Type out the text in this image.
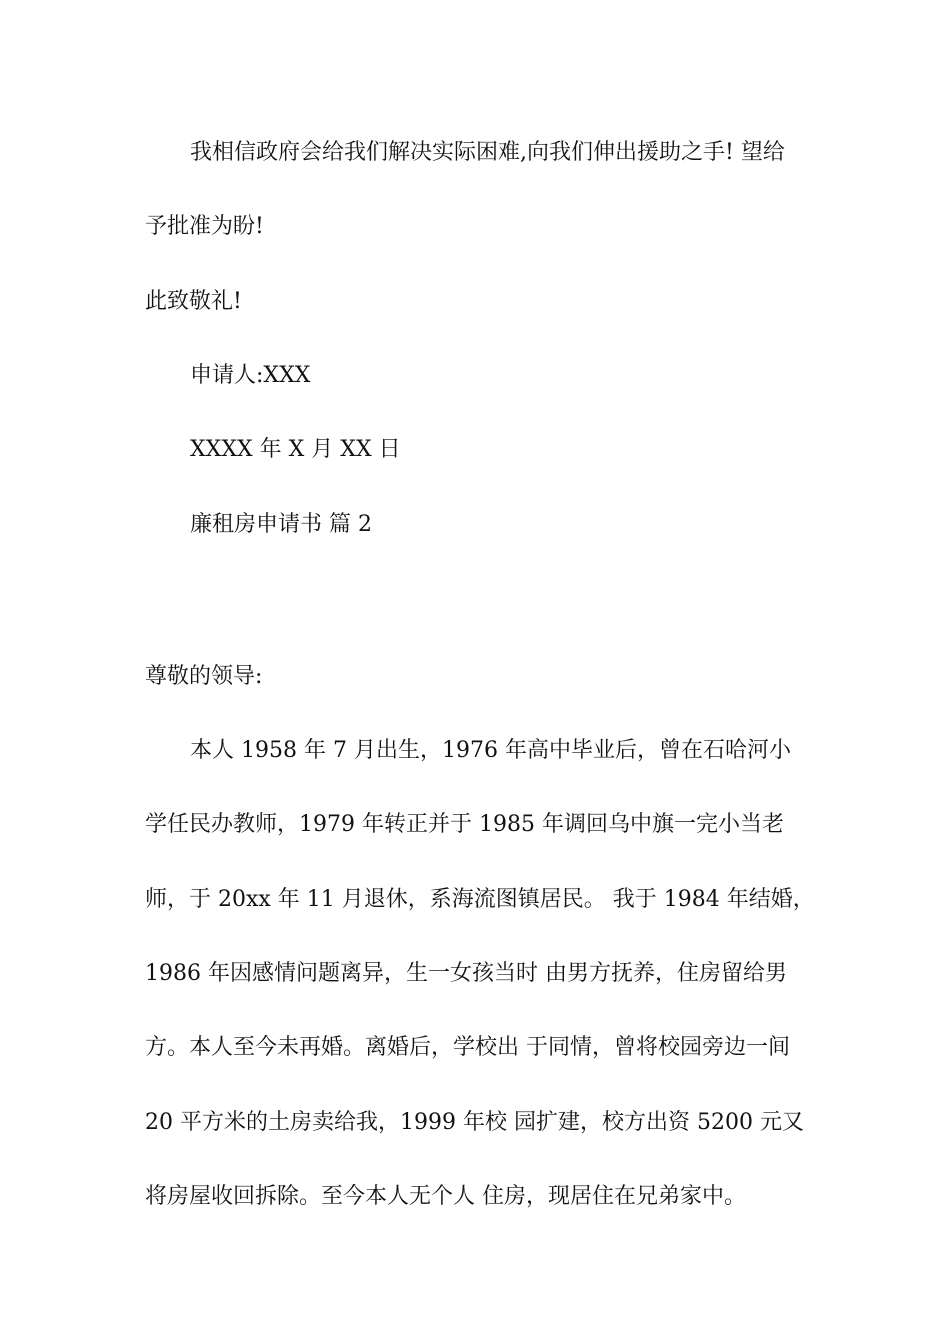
我相信政府会给我们解决实际困难,向我们伸出援助之手! 望给
予批准为盼!
此致敬礼!
申请人:XXX
XXXX 年 X 月 XX 日
廉租房申请书 篇 2
尊敬的领导:
本人 1958 年 7 月出生，1976 年高中毕业后，曾在石哈河小
学任民办教师，1979 年转正并于 1985 年调回乌中旗一完小当老
师，于 20xx 年 11 月退休，系海流图镇居民。 我于 1984 年结婚，
1986 年因感情问题离异，生一女孩当时 由男方抚养，住房留给男
方。本人至今未再婚。离婚后，学校出 于同情，曾将校园旁边一间
20 平方米的土房卖给我，1999 年校 园扩建，校方出资 5200 元又
将房屋收回拆除。至今本人无个人 住房，现居住在兄弟家中。
